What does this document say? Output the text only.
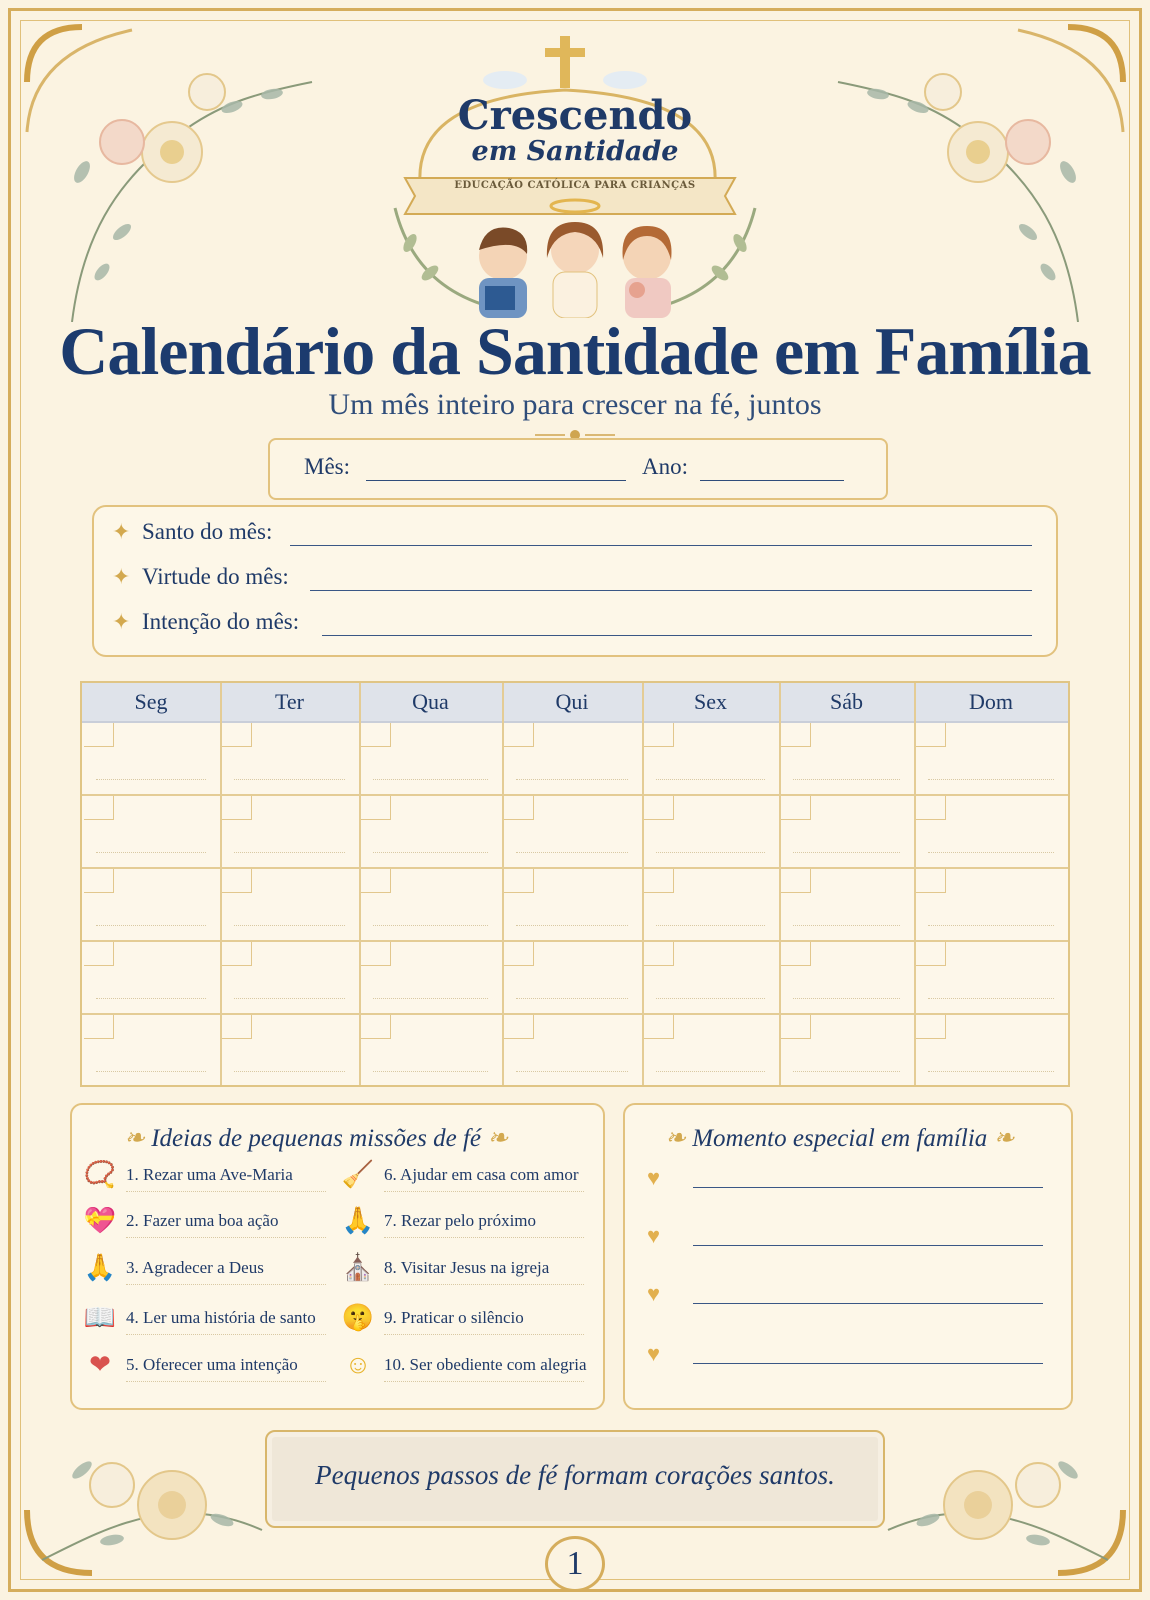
Crescendo
em Santidade
EDUCAÇÃO CATÓLICA PARA CRIANÇAS
Calendário da Santidade em Família
Um mês inteiro para crescer na fé, juntos
Mês:	Ano:
✦ Santo do mês:
✦ Virtude do mês:
✦ Intenção do mês:
Seg	Ter	Qua	Qui	Sex	Sáb	Dom
❧ Ideias de pequenas missões de fé ❧
📿 1. Rezar uma Ave-Maria
💝 2. Fazer uma boa ação
🙏 3. Agradecer a Deus
📖 4. Ler uma história de santo
❤ 5. Oferecer uma intenção
🧹 6. Ajudar em casa com amor
🙏 7. Rezar pelo próximo
⛪ 8. Visitar Jesus na igreja
🤫 9. Praticar o silêncio
☺ 10. Ser obediente com alegria
❧ Momento especial em família ❧
♥
♥
♥
♥
Pequenos passos de fé formam corações santos.
1
